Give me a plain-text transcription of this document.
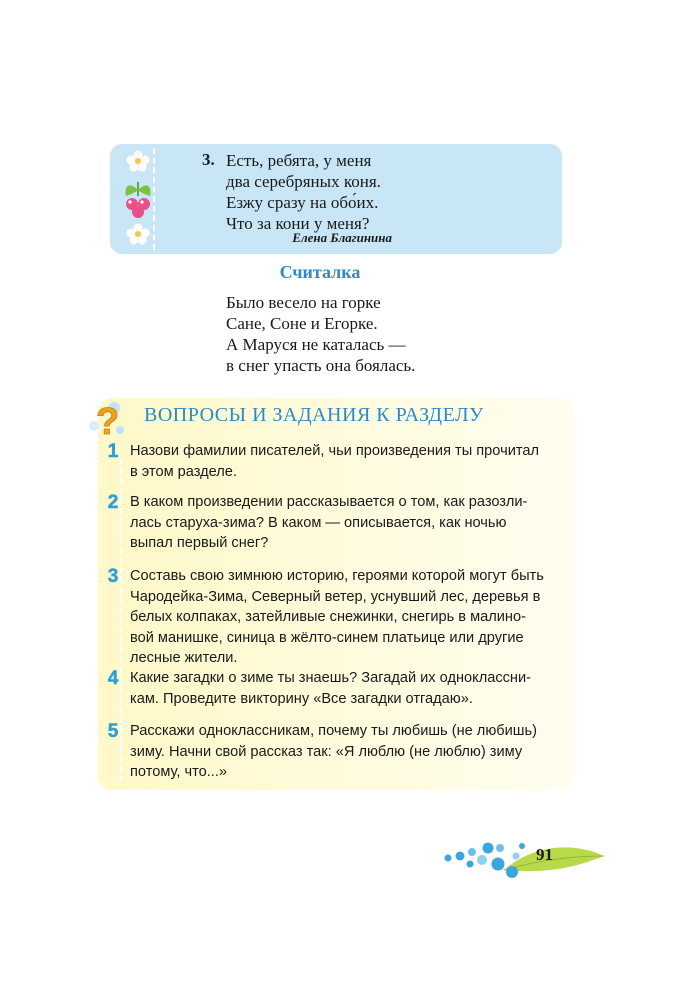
3. Есть, ребята, у меня
два серебряных коня.
Езжу сразу на обо́их.
Что за кони у меня?
Елена Благинина
Считалка
Было весело на горке
Сане, Соне и Егорке.
А Маруся не каталась —
в снег упасть она боялась.
? ВОПРОСЫ И ЗАДАНИЯ К РАЗДЕЛУ
1 Назови фамилии писателей, чьи произведения ты прочитал
в этом разделе.
2 В каком произведении рассказывается о том, как разозли-
лась старуха-зима? В каком — описывается, как ночью
выпал первый снег?
3 Составь свою зимнюю историю, героями которой могут быть
Чародейка-Зима, Северный ветер, уснувший лес, деревья в
белых колпаках, затейливые снежинки, снегирь в малино-
вой манишке, синица в жёлто-синем платьице или другие
лесные жители.
4 Какие загадки о зиме ты знаешь? Загадай их одноклассни-
кам. Проведите викторину «Все загадки отгадаю».
5 Расскажи одноклассникам, почему ты любишь (не любишь)
зиму. Начни свой рассказ так: «Я люблю (не люблю) зиму
потому, что...»
91
